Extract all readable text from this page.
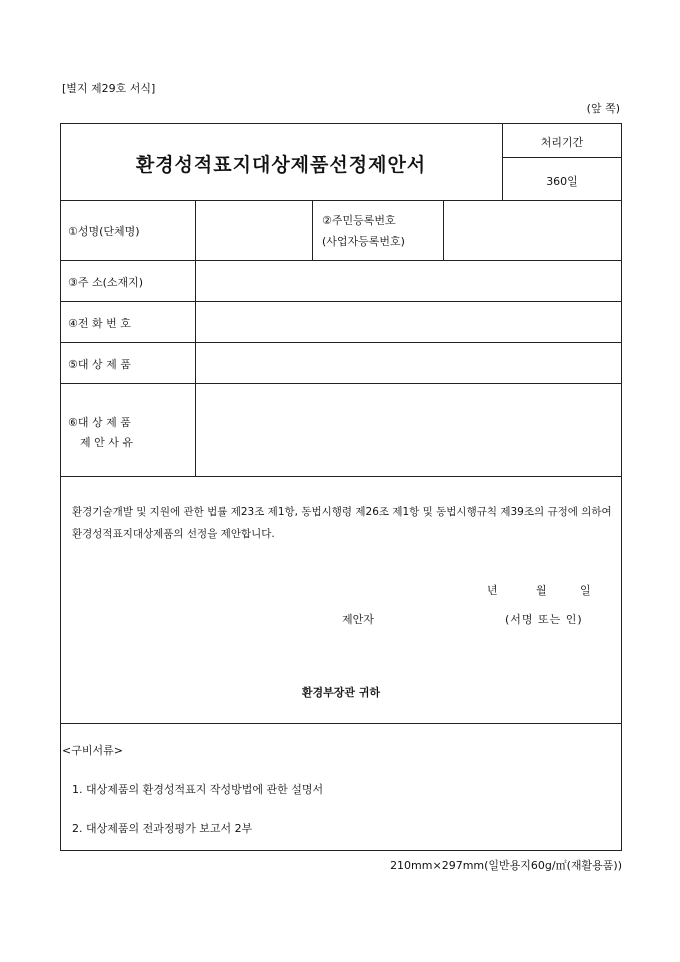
[별지 제29호 서식]
(앞 쪽)
환경성적표지대상제품선정제안서
처리기간
360일
①성명(단체명)
②주민등록번호
(사업자등록번호)
③주 소(소재지)
④전 화 번 호
⑤대 상 제 품
⑥대 상 제 품
제 안 사 유
환경기술개발 및 지원에 관한 법률 제23조 제1항, 동법시행령 제26조 제1항 및 동법시행규칙 제39조의 규정에 의하여 환경성적표지대상제품의 선정을 제안합니다.
년	월	일
제안자	(서명 또는 인)
환경부장관 귀하
<구비서류>
1. 대상제품의 환경성적표지 작성방법에 관한 설명서
2. 대상제품의 전과정평가 보고서 2부
210mm×297mm(일반용지60g/㎡(재활용품))
